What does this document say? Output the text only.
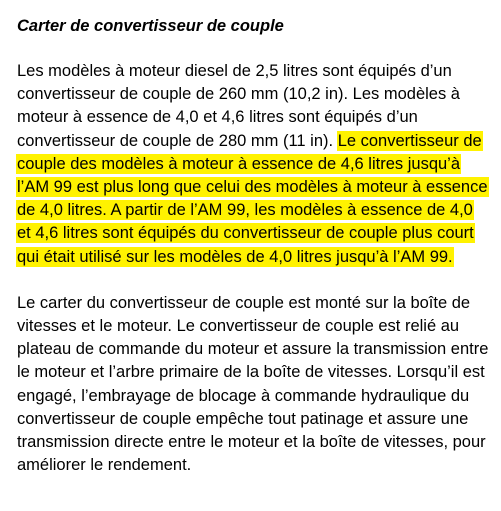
Carter de convertisseur de couple

Les modèles à moteur diesel de 2,5 litres sont équipés d’un convertisseur de couple de 260 mm (10,2 in). Les modèles à moteur à essence de 4,0 et 4,6 litres sont équipés d’un convertisseur de couple de 280 mm (11 in). Le convertisseur de couple des modèles à moteur à essence de 4,6 litres jusqu’à l’AM 99 est plus long que celui des modèles à moteur à essence de 4,0 litres. A partir de l’AM 99, les modèles à essence de 4,0 et 4,6 litres sont équipés du convertisseur de couple plus court qui était utilisé sur les modèles de 4,0 litres jusqu’à l’AM 99.

Le carter du convertisseur de couple est monté sur la boîte de vitesses et le moteur. Le convertisseur de couple est relié au plateau de commande du moteur et assure la transmission entre le moteur et l’arbre primaire de la boîte de vitesses. Lorsqu’il est engagé, l’embrayage de blocage à commande hydraulique du convertisseur de couple empêche tout patinage et assure une transmission directe entre le moteur et la boîte de vitesses, pour améliorer le rendement.
